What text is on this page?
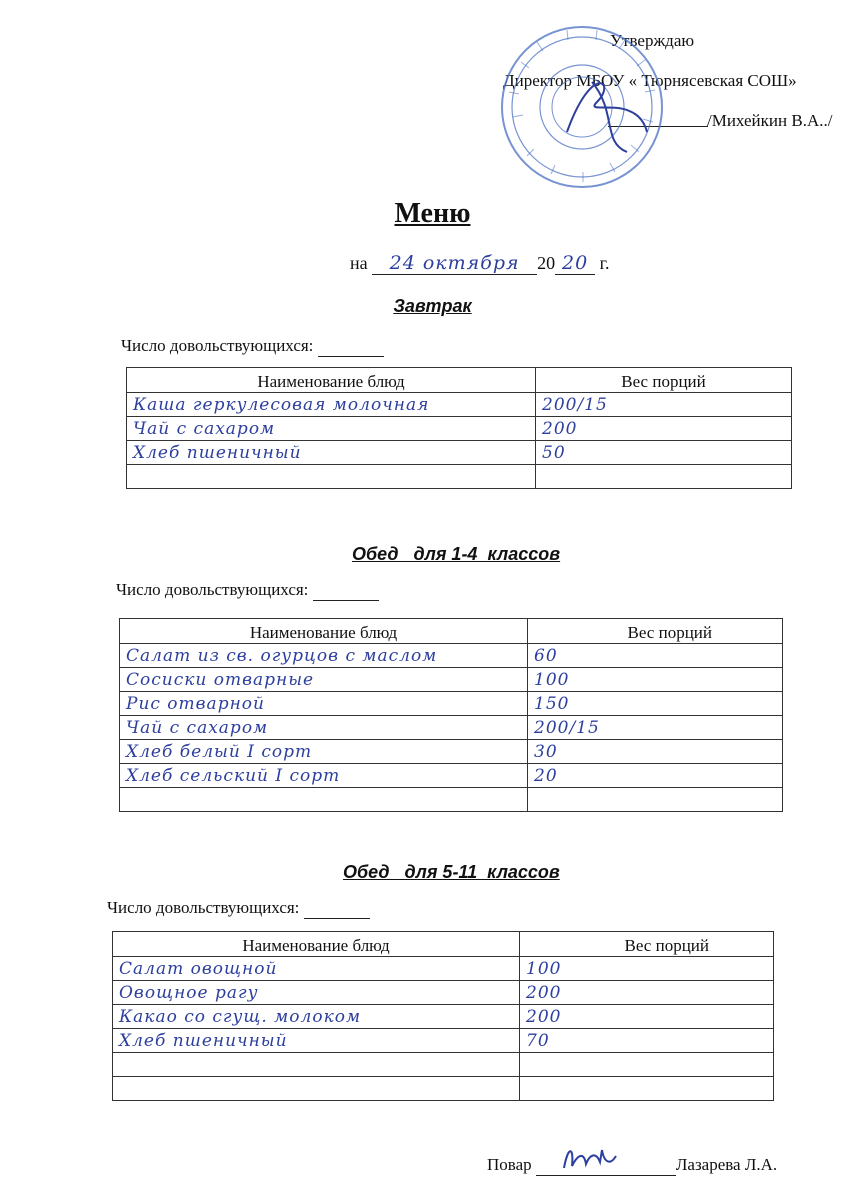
Утверждаю
Директор МБОУ « Тюрнясевская СОШ»
/Михейкин В.А../
Меню
на 24 октября 20 20 г.
Завтрак
Число довольствующихся:
Наименование блюд	Вес порций
Каша геркулесовая молочная	200/15
Чай с сахаром	200
Хлеб пшеничный	50

Обед   для 1-4  классов
Число довольствующихся:
Наименование блюд	Вес порций
Салат из св. огурцов с маслом	60
Сосиски отварные	100
Рис отварной	150
Чай с сахаром	200/15
Хлеб белый I сорт	30
Хлеб сельский I сорт	20

Обед   для 5-11  классов
Число довольствующихся:
Наименование блюд	Вес порций
Салат овощной	100
Овощное рагу	200
Какао со сгущ. молоком	200
Хлеб пшеничный	70

Повар	Лазарева Л.А.
